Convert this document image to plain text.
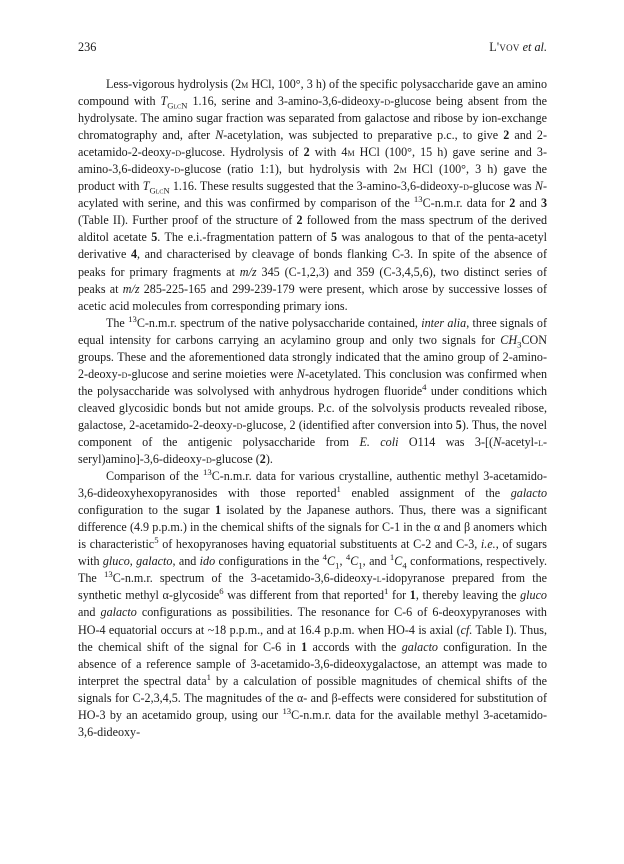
236	L'vov et al.

Less-vigorous hydrolysis (2m HCl, 100°, 3 h) of the specific polysaccharide gave an amino compound with $T_{GlcN}$ 1.16, serine and 3-amino-3,6-dideoxy-d-glucose being absent from the hydrolysate. The amino sugar fraction was separated from galactose and ribose by ion-exchange chromatography and, after N-acetylation, was subjected to preparative p.c., to give 2 and 2-acetamido-2-deoxy-d-glucose. Hydrolysis of 2 with 4m HCl (100°, 15 h) gave serine and 3-amino-3,6-dideoxy-d-glucose (ratio 1:1), but hydrolysis with 2m HCl (100°, 3 h) gave the product with $T_{GlcN}$ 1.16. These results suggested that the 3-amino-3,6-dideoxy-d-glucose was N-acylated with serine, and this was confirmed by comparison of the $^{13}$C-n.m.r. data for 2 and 3 (Table II). Further proof of the structure of 2 followed from the mass spectrum of the derived alditol acetate 5. The e.i.-fragmentation pattern of 5 was analogous to that of the penta-acetyl derivative 4, and characterised by cleavage of bonds flanking C-3. In spite of the absence of peaks for primary fragments at m/z 345 (C-1,2,3) and 359 (C-3,4,5,6), two distinct series of peaks at m/z 285-225-165 and 299-239-179 were present, which arose by successive losses of acetic acid molecules from corresponding primary ions.

The $^{13}$C-n.m.r. spectrum of the native polysaccharide contained, inter alia, three signals of equal intensity for carbons carrying an acylamino group and only two signals for $CH_3CON$ groups. These and the aforementioned data strongly indicated that the amino group of 2-amino-2-deoxy-d-glucose and serine moieties were N-acetylated. This conclusion was confirmed when the polysaccharide was solvolysed with anhydrous hydrogen fluoride$^4$ under conditions which cleaved glycosidic bonds but not amide groups. P.c. of the solvolysis products revealed ribose, galactose, 2-acetamido-2-deoxy-d-glucose, 2 (identified after conversion into 5). Thus, the novel component of the antigenic polysaccharide from E. coli O114 was 3-[(N-acetyl-l-seryl)amino]-3,6-dideoxy-d-glucose (2).

Comparison of the $^{13}$C-n.m.r. data for various crystalline, authentic methyl 3-acetamido-3,6-dideoxyhexopyranosides with those reported$^1$ enabled assignment of the galacto configuration to the sugar 1 isolated by the Japanese authors. Thus, there was a significant difference (4.9 p.p.m.) in the chemical shifts of the signals for C-1 in the α and β anomers which is characteristic$^5$ of hexopyranoses having equatorial substituents at C-2 and C-3, i.e., of sugars with gluco, galacto, and ido configurations in the $^4C_1$, $^4C_1$, and $^1C_4$ conformations, respectively. The $^{13}$C-n.m.r. spectrum of the 3-acetamido-3,6-dideoxy-l-idopyranose prepared from the synthetic methyl α-glycoside$^6$ was different from that reported$^1$ for 1, thereby leaving the gluco and galacto configurations as possibilities. The resonance for C-6 of 6-deoxypyranoses with HO-4 equatorial occurs at ~18 p.p.m., and at 16.4 p.p.m. when HO-4 is axial (cf. Table I). Thus, the chemical shift of the signal for C-6 in 1 accords with the galacto configuration. In the absence of a reference sample of 3-acetamido-3,6-dideoxygalactose, an attempt was made to interpret the spectral data$^1$ by a calculation of possible magnitudes of chemical shifts of the signals for C-2,3,4,5. The magnitudes of the α- and β-effects were considered for substitution of HO-3 by an acetamido group, using our $^{13}$C-n.m.r. data for the available methyl 3-acetamido-3,6-dideoxy-
